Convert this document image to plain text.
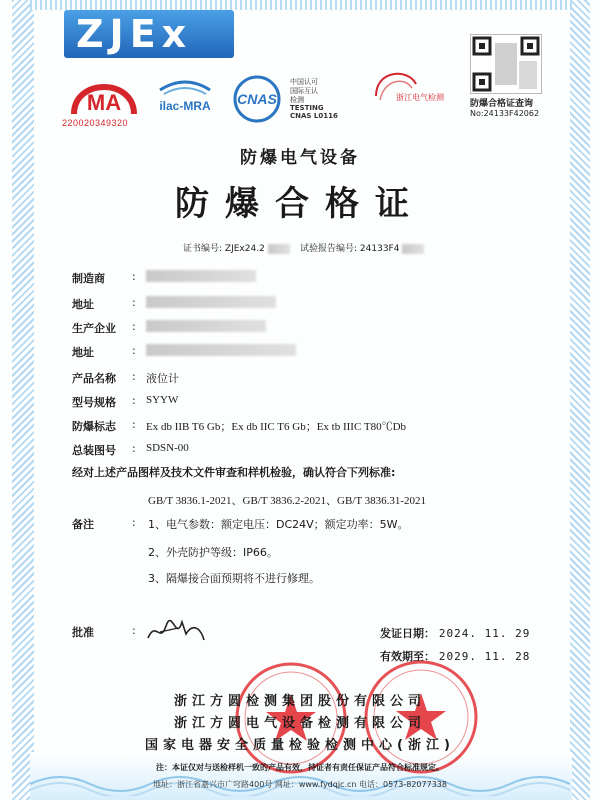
ZJEx
MA
220020349320
ilac-MRA CNAS
中国认可
国际互认
检测
TESTING
CNAS L0116
浙江电气检测
防爆合格证查询
No:24133F42062
防爆电气设备
防爆合格证
证书编号: ZJEx24.2	试验报告编号: 24133F4
制造商	:
地址	:
生产企业	:
地址	:
产品名称	: 液位计
型号规格	: SYYW
防爆标志	: Ex db IIB T6 Gb；Ex db IIC T6 Gb；Ex tb IIIC T80℃Db
总装图号	: SDSN-00
经对上述产品图样及技术文件审查和样机检验，确认符合下列标准:
GB/T 3836.1-2021、GB/T 3836.2-2021、GB/T 3836.31-2021
备注	: 1、电气参数：额定电压：DC24V；额定功率：5W。
2、外壳防护等级：IP66。
3、隔爆接合面预期将不进行修理。
批准	:	发证日期： 2024. 11. 29
有效期至： 2029. 11. 28
浙江方圆检测集团股份有限公司
浙江方圆电气设备检测有限公司
国家电器安全质量检验检测中心(浙江)
注：本证仅对与送检样机一致的产品有效，持证者有责任保证产品符合标准规定。
地址：浙江省嘉兴市广穹路400号 网址：www.fydqjc.cn 电话：0573-82077338
